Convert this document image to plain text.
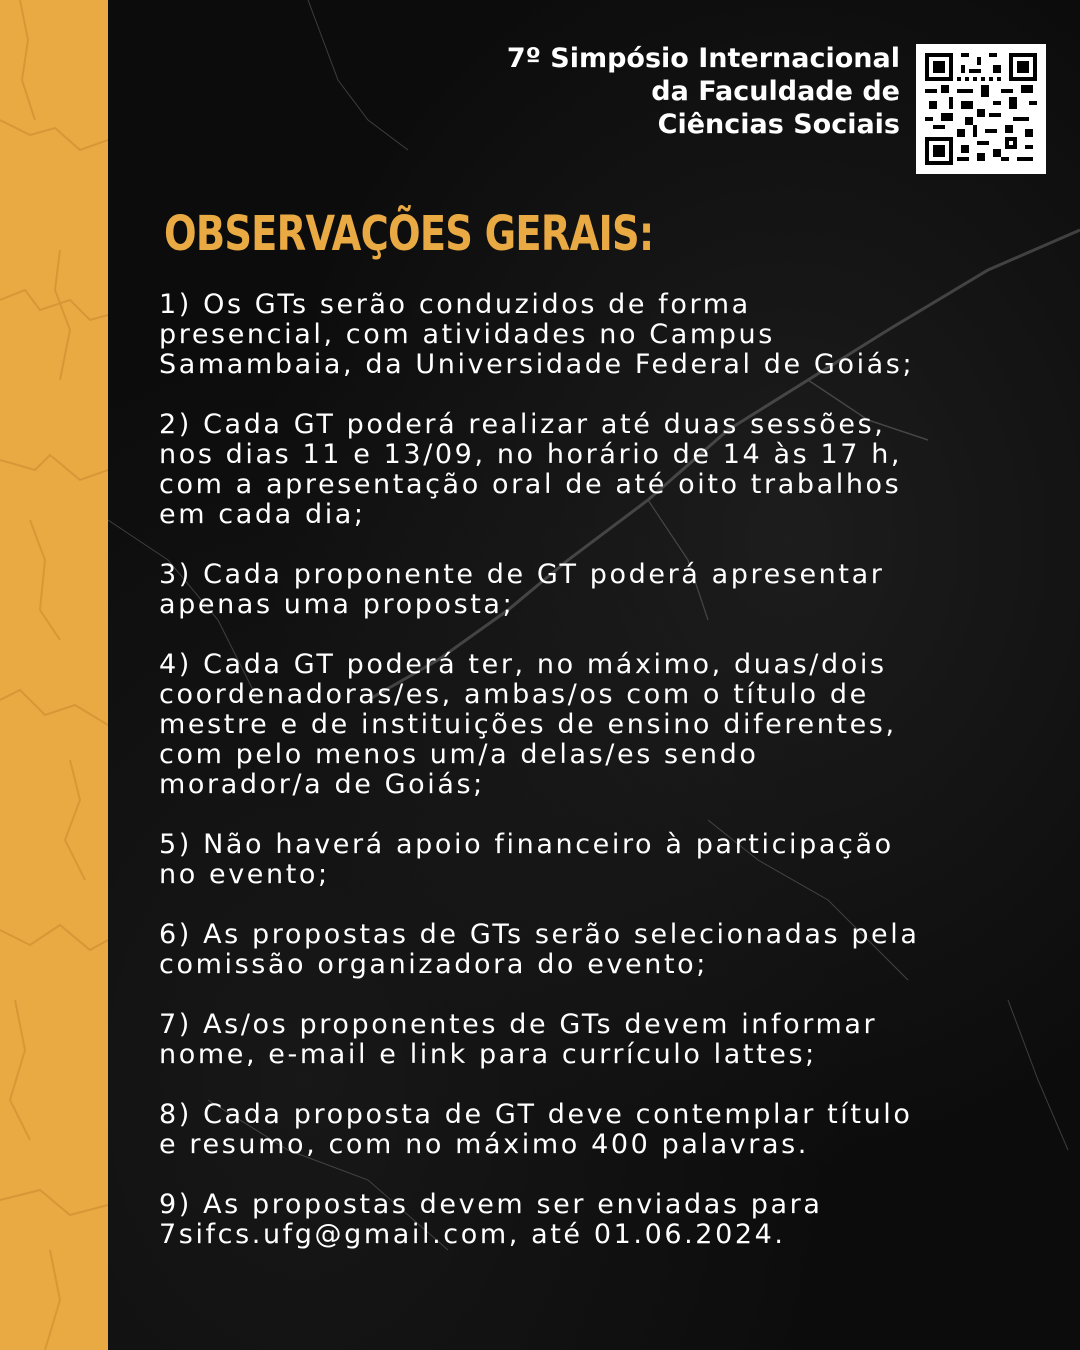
7º Simpósio Internacional
da Faculdade de
Ciências Sociais
OBSERVAÇÕES GERAIS:
1) Os GTs serão conduzidos de forma
presencial, com atividades no Campus
Samambaia, da Universidade Federal de Goiás;
2) Cada GT poderá realizar até duas sessões,
nos dias 11 e 13/09, no horário de 14 às 17 h,
com a apresentação oral de até oito trabalhos
em cada dia;
3) Cada proponente de GT poderá apresentar
apenas uma proposta;
4) Cada GT poderá ter, no máximo, duas/dois
coordenadoras/es, ambas/os com o título de
mestre e de instituições de ensino diferentes,
com pelo menos um/a delas/es sendo
morador/a de Goiás;
5) Não haverá apoio financeiro à participação
no evento;
6) As propostas de GTs serão selecionadas pela
comissão organizadora do evento;
7) As/os proponentes de GTs devem informar
nome, e-mail e link para currículo lattes;
8) Cada proposta de GT deve contemplar título
e resumo, com no máximo 400 palavras.
9) As propostas devem ser enviadas para
7sifcs.ufg@gmail.com, até 01.06.2024.
